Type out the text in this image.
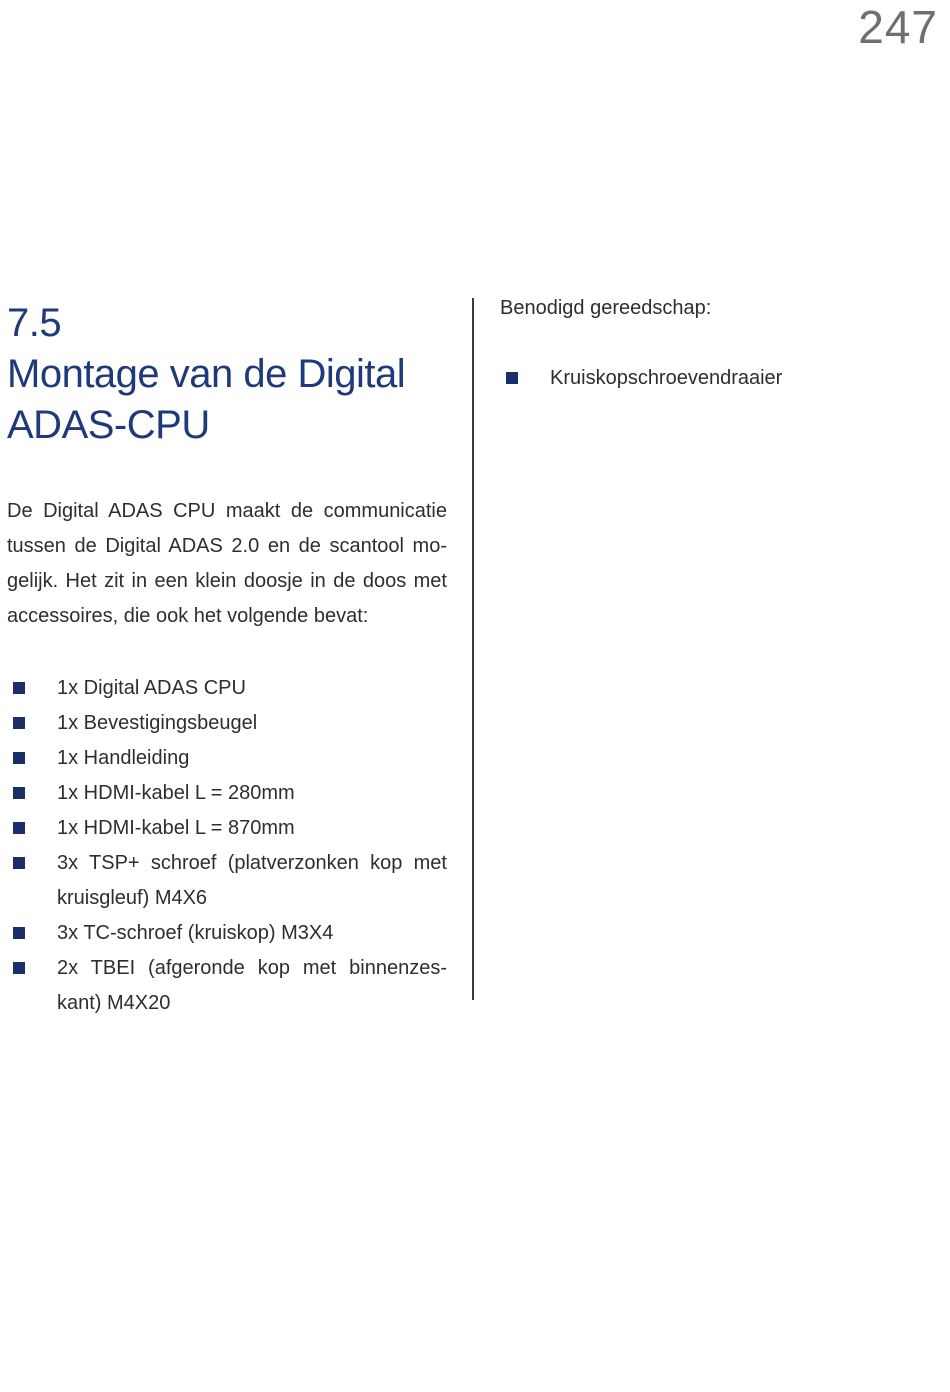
247
7.5
Montage van de Digital
ADAS-CPU

De Digital ADAS CPU maakt de communicatie tussen de Digital ADAS 2.0 en de scantool mo-gelijk. Het zit in een klein doosje in de doos met accessoires, die ook het volgende bevat:

1x Digital ADAS CPU
1x Bevestigingsbeugel
1x Handleiding
1x HDMI-kabel L = 280mm
1x HDMI-kabel L = 870mm
3x TSP+ schroef (platverzonken kop met kruisgleuf) M4X6
3x TC-schroef (kruiskop) M3X4
2x TBEI (afgeronde kop met binnenzes-kant) M4X20

Benodigd gereedschap:

Kruiskopschroevendraaier
